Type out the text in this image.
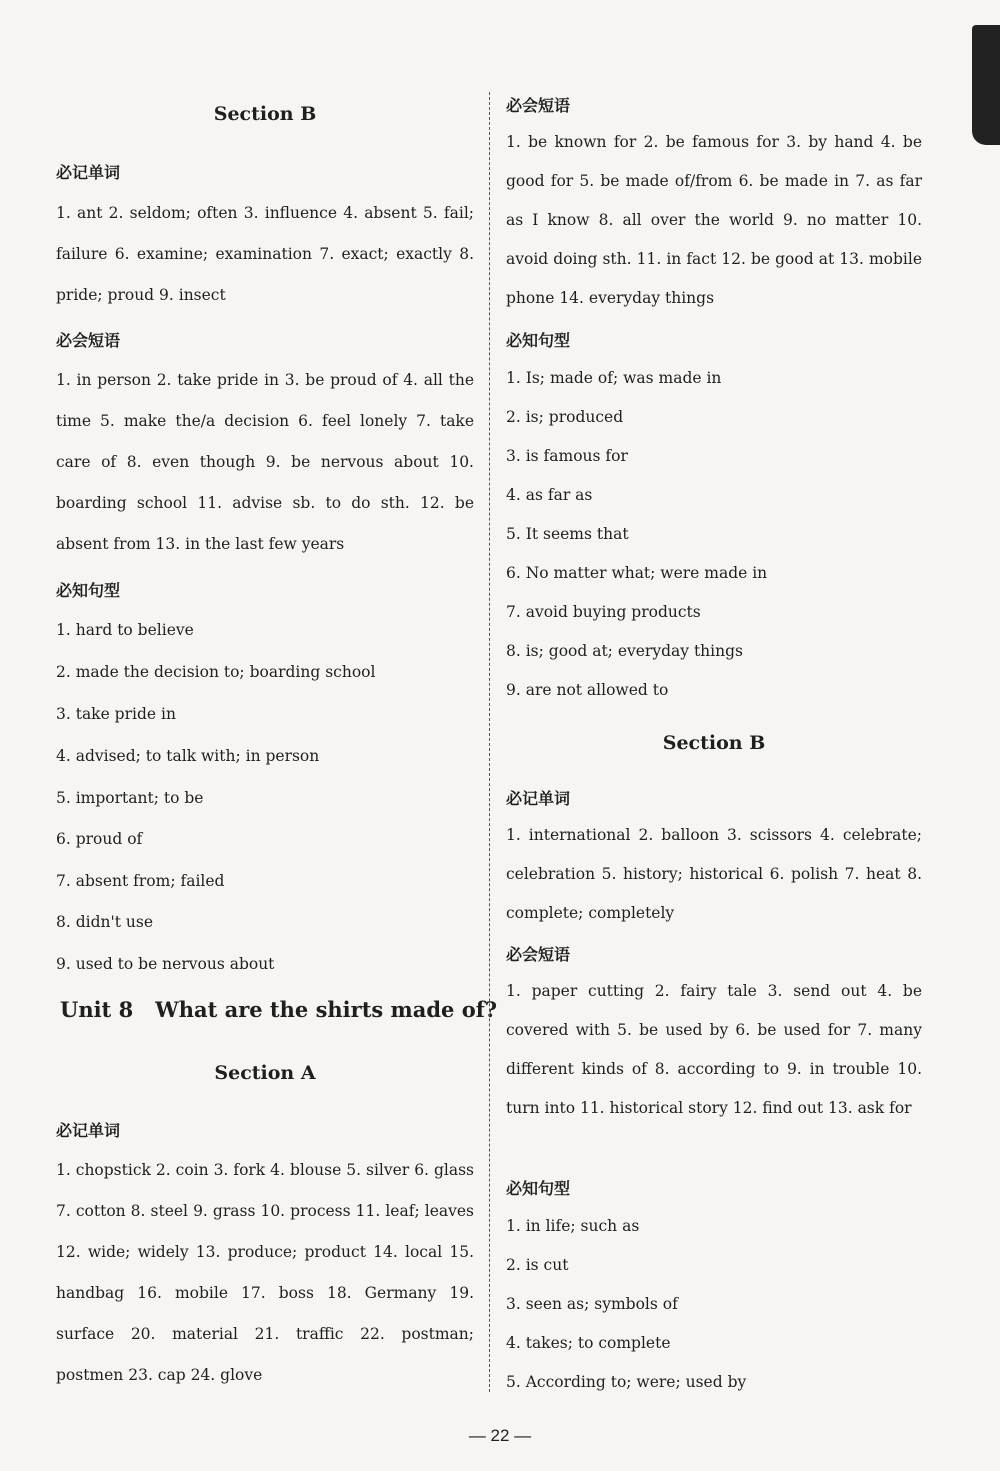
Section B
必记单词
1. ant 2. seldom; often 3. influence 4. absent 5. fail; failure 6. examine; examination 7. exact; exactly 8. pride; proud 9. insect
必会短语
1. in person 2. take pride in 3. be proud of 4. all the time 5. make the/a decision 6. feel lonely 7. take care of 8. even though 9. be nervous about 10. boarding school 11. advise sb. to do sth. 12. be absent from 13. in the last few years
必知句型
1. hard to believe
2. made the decision to; boarding school
3. take pride in
4. advised; to talk with; in person
5. important; to be
6. proud of
7. absent from; failed
8. didn't use
9. used to be nervous about
Unit 8   What are the shirts made of?
Section A
必记单词
1. chopstick 2. coin 3. fork 4. blouse 5. silver 6. glass 7. cotton 8. steel 9. grass 10. process 11. leaf; leaves 12. wide; widely 13. produce; product 14. local 15. handbag 16. mobile 17. boss 18. Germany 19. surface 20. material 21. traffic 22. postman; postmen 23. cap 24. glove
必会短语
1. be known for 2. be famous for 3. by hand 4. be good for 5. be made of/from 6. be made in 7. as far as I know 8. all over the world 9. no matter 10. avoid doing sth. 11. in fact 12. be good at 13. mobile phone 14. everyday things
必知句型
1. Is; made of; was made in
2. is; produced
3. is famous for
4. as far as
5. It seems that
6. No matter what; were made in
7. avoid buying products
8. is; good at; everyday things
9. are not allowed to
Section B
必记单词
1. international 2. balloon 3. scissors 4. celebrate; celebration 5. history; historical 6. polish 7. heat 8. complete; completely
必会短语
1. paper cutting 2. fairy tale 3. send out 4. be covered with 5. be used by 6. be used for 7. many different kinds of 8. according to 9. in trouble 10. turn into 11. historical story 12. find out 13. ask for
必知句型
1. in life; such as
2. is cut
3. seen as; symbols of
4. takes; to complete
5. According to; were; used by
— 22 —
